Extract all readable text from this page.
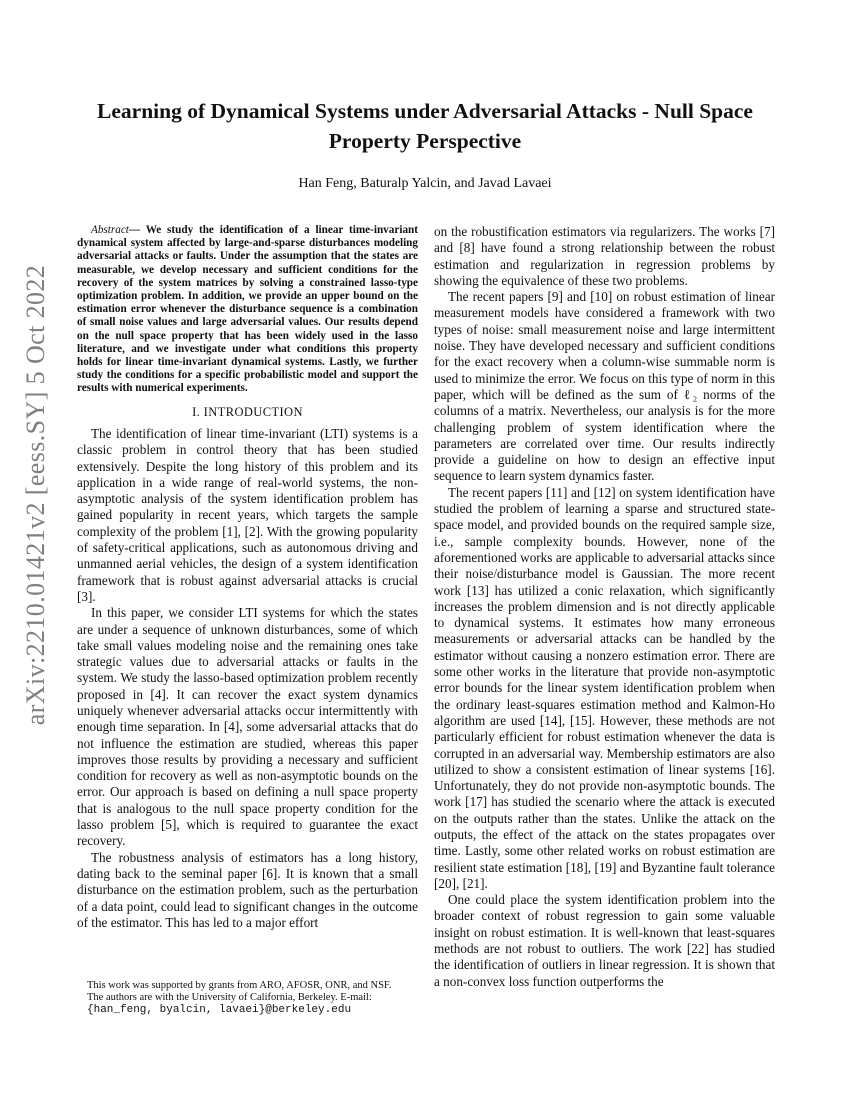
arXiv:2210.01421v2 [eess.SY] 5 Oct 2022
Learning of Dynamical Systems under Adversarial Attacks - Null Space Property Perspective

Han Feng, Baturalp Yalcin, and Javad Lavaei

Abstract— We study the identification of a linear time-invariant dynamical system affected by large-and-sparse disturbances modeling adversarial attacks or faults. Under the assumption that the states are measurable, we develop necessary and sufficient conditions for the recovery of the system matrices by solving a constrained lasso-type optimization problem. In addition, we provide an upper bound on the estimation error whenever the disturbance sequence is a combination of small noise values and large adversarial values. Our results depend on the null space property that has been widely used in the lasso literature, and we investigate under what conditions this property holds for linear time-invariant dynamical systems. Lastly, we further study the conditions for a specific probabilistic model and support the results with numerical experiments.

I. INTRODUCTION

The identification of linear time-invariant (LTI) systems is a classic problem in control theory that has been studied extensively. Despite the long history of this problem and its application in a wide range of real-world systems, the non-asymptotic analysis of the system identification problem has gained popularity in recent years, which targets the sample complexity of the problem [1], [2]. With the growing popularity of safety-critical applications, such as autonomous driving and unmanned aerial vehicles, the design of a system identification framework that is robust against adversarial attacks is crucial [3].

In this paper, we consider LTI systems for which the states are under a sequence of unknown disturbances, some of which take small values modeling noise and the remaining ones take strategic values due to adversarial attacks or faults in the system. We study the lasso-based optimization problem recently proposed in [4]. It can recover the exact system dynamics uniquely whenever adversarial attacks occur intermittently with enough time separation. In [4], some adversarial attacks that do not influence the estimation are studied, whereas this paper improves those results by providing a necessary and sufficient condition for recovery as well as non-asymptotic bounds on the error. Our approach is based on defining a null space property that is analogous to the null space property condition for the lasso problem [5], which is required to guarantee the exact recovery.

The robustness analysis of estimators has a long history, dating back to the seminal paper [6]. It is known that a small disturbance on the estimation problem, such as the perturbation of a data point, could lead to significant changes in the outcome of the estimator. This has led to a major effort

This work was supported by grants from ARO, AFOSR, ONR, and NSF.

The authors are with the University of California, Berkeley. E-mail:

{han_feng, byalcin, lavaei}@berkeley.edu

on the robustification estimators via regularizers. The works [7] and [8] have found a strong relationship between the robust estimation and regularization in regression problems by showing the equivalence of these two problems.

The recent papers [9] and [10] on robust estimation of linear measurement models have considered a framework with two types of noise: small measurement noise and large intermittent noise. They have developed necessary and sufficient conditions for the exact recovery when a column-wise summable norm is used to minimize the error. We focus on this type of norm in this paper, which will be defined as the sum of ℓ₂ norms of the columns of a matrix. Nevertheless, our analysis is for the more challenging problem of system identification where the parameters are correlated over time. Our results indirectly provide a guideline on how to design an effective input sequence to learn system dynamics faster.

The recent papers [11] and [12] on system identification have studied the problem of learning a sparse and structured state-space model, and provided bounds on the required sample size, i.e., sample complexity bounds. However, none of the aforementioned works are applicable to adversarial attacks since their noise/disturbance model is Gaussian. The more recent work [13] has utilized a conic relaxation, which significantly increases the problem dimension and is not directly applicable to dynamical systems. It estimates how many erroneous measurements or adversarial attacks can be handled by the estimator without causing a nonzero estimation error. There are some other works in the literature that provide non-asymptotic error bounds for the linear system identification problem when the ordinary least-squares estimation method and Kalmon-Ho algorithm are used [14], [15]. However, these methods are not particularly efficient for robust estimation whenever the data is corrupted in an adversarial way. Membership estimators are also utilized to show a consistent estimation of linear systems [16]. Unfortunately, they do not provide non-asymptotic bounds. The work [17] has studied the scenario where the attack is executed on the outputs rather than the states. Unlike the attack on the outputs, the effect of the attack on the states propagates over time. Lastly, some other related works on robust estimation are resilient state estimation [18], [19] and Byzantine fault tolerance [20], [21].

One could place the system identification problem into the broader context of robust regression to gain some valuable insight on robust estimation. It is well-known that least-squares methods are not robust to outliers. The work [22] has studied the identification of outliers in linear regression. It is shown that a non-convex loss function outperforms the
